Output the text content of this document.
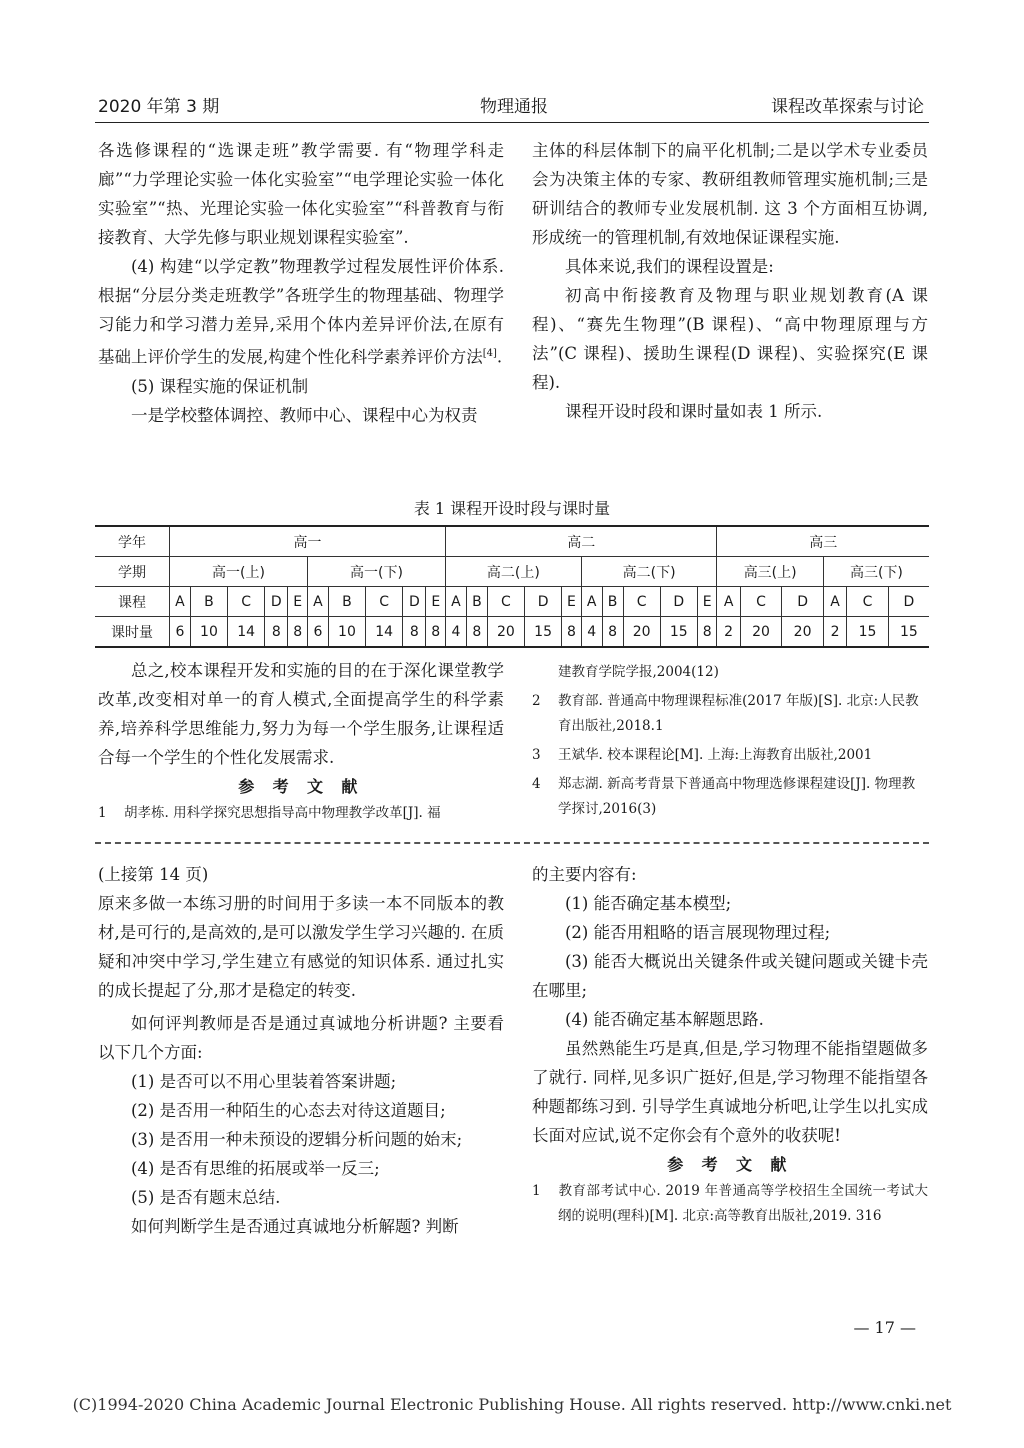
2020 年第 3 期	物理通报	课程改革探索与讨论

各选修课程的“选课走班”教学需要. 有“物理学科走廊”“力学理论实验一体化实验室”“电学理论实验一体化实验室”“热、光理论实验一体化实验室”“科普教育与衔接教育、大学先修与职业规划课程实验室”.

(4) 构建“以学定教”物理教学过程发展性评价体系. 根据“分层分类走班教学”各班学生的物理基础、物理学习能力和学习潜力差异,采用个体内差异评价法,在原有基础上评价学生的发展,构建个性化科学素养评价方法[4].

(5) 课程实施的保证机制

一是学校整体调控、教师中心、课程中心为权责

主体的科层体制下的扁平化机制;二是以学术专业委员会为决策主体的专家、教研组教师管理实施机制;三是研训结合的教师专业发展机制. 这 3 个方面相互协调,形成统一的管理机制,有效地保证课程实施.

具体来说,我们的课程设置是:

初高中衔接教育及物理与职业规划教育(A 课程)、“赛先生物理”(B 课程)、“高中物理原理与方法”(C 课程)、援助生课程(D 课程)、实验探究(E 课程).

课程开设时段和课时量如表 1 所示.

表 1 课程开设时段与课时量
学年	高一										高二										高三					
学期	高一(上)					高一(下)					高二(上)					高二(下)					高三(上)			高三(下)		
课程	A	B	C	D	E	A	B	C	D	E	A	B	C	D	E	A	B	C	D	E	A	C	D	A	C	D
课时量	6	10	14	8	8	6	10	14	8	8	4	8	20	15	8	4	8	20	15	8	2	20	20	2	15	15

总之,校本课程开发和实施的目的在于深化课堂教学改革,改变相对单一的育人模式,全面提高学生的科学素养,培养科学思维能力,努力为每一个学生服务,让课程适合每一个学生的个性化发展需求.

参 考 文 献
1 胡孝栋. 用科学探究思想指导高中物理教学改革[J]. 福
建教育学院学报,2004(12)
2 教育部. 普通高中物理课程标准(2017 年版)[S]. 北京:人民教育出版社,2018.1
3 王斌华. 校本课程论[M]. 上海:上海教育出版社,2001
4 郑志湖. 新高考背景下普通高中物理选修课程建设[J]. 物理教学探讨,2016(3)

(上接第 14 页)

原来多做一本练习册的时间用于多读一本不同版本的教材,是可行的,是高效的,是可以激发学生学习兴趣的. 在质疑和冲突中学习,学生建立有感觉的知识体系. 通过扎实的成长提起了分,那才是稳定的转变.

如何评判教师是否是通过真诚地分析讲题? 主要看以下几个方面:

(1) 是否可以不用心里装着答案讲题;

(2) 是否用一种陌生的心态去对待这道题目;

(3) 是否用一种未预设的逻辑分析问题的始末;

(4) 是否有思维的拓展或举一反三;

(5) 是否有题末总结.

如何判断学生是否通过真诚地分析解题? 判断

的主要内容有:

(1) 能否确定基本模型;

(2) 能否用粗略的语言展现物理过程;

(3) 能否大概说出关键条件或关键问题或关键卡壳在哪里;

(4) 能否确定基本解题思路.

虽然熟能生巧是真,但是,学习物理不能指望题做多了就行. 同样,见多识广挺好,但是,学习物理不能指望各种题都练习到. 引导学生真诚地分析吧,让学生以扎实成长面对应试,说不定你会有个意外的收获呢!

参 考 文 献
1 教育部考试中心. 2019 年普通高等学校招生全国统一考试大纲的说明(理科)[M]. 北京:高等教育出版社,2019. 316
— 17 —
(C)1994-2020 China Academic Journal Electronic Publishing House. All rights reserved. http://www.cnki.net
